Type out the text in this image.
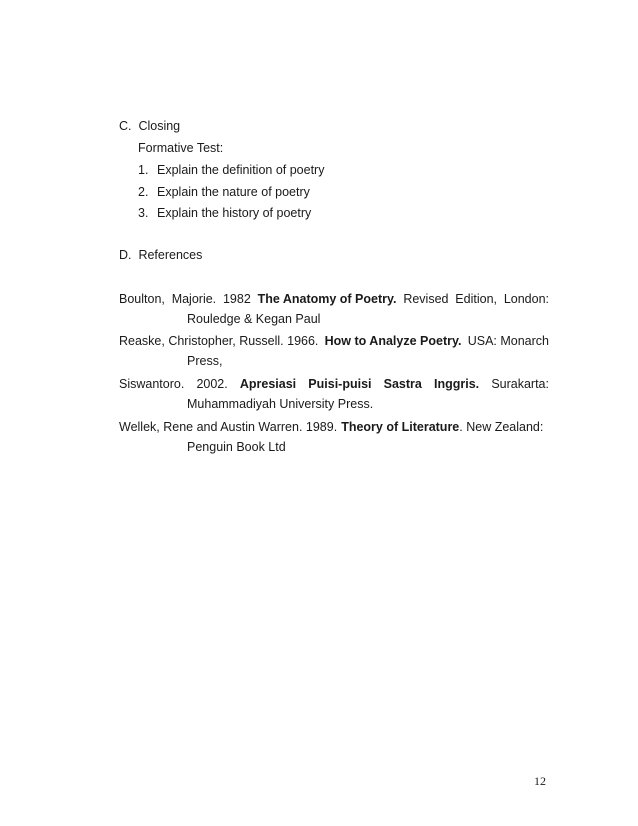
C.  Closing
Formative Test:
1. Explain the definition of poetry
2. Explain the nature of poetry
3. Explain the history of poetry
D.  References
Boulton, Majorie. 1982 The Anatomy of Poetry. Revised Edition, London:
Rouledge & Kegan Paul
Reaske, Christopher, Russell. 1966. How to Analyze Poetry. USA: Monarch
Press,
Siswantoro. 2002. Apresiasi Puisi-puisi Sastra Inggris. Surakarta:
Muhammadiyah University Press.
Wellek, Rene and Austin Warren. 1989. Theory of Literature . New Zealand:
Penguin Book Ltd
12
